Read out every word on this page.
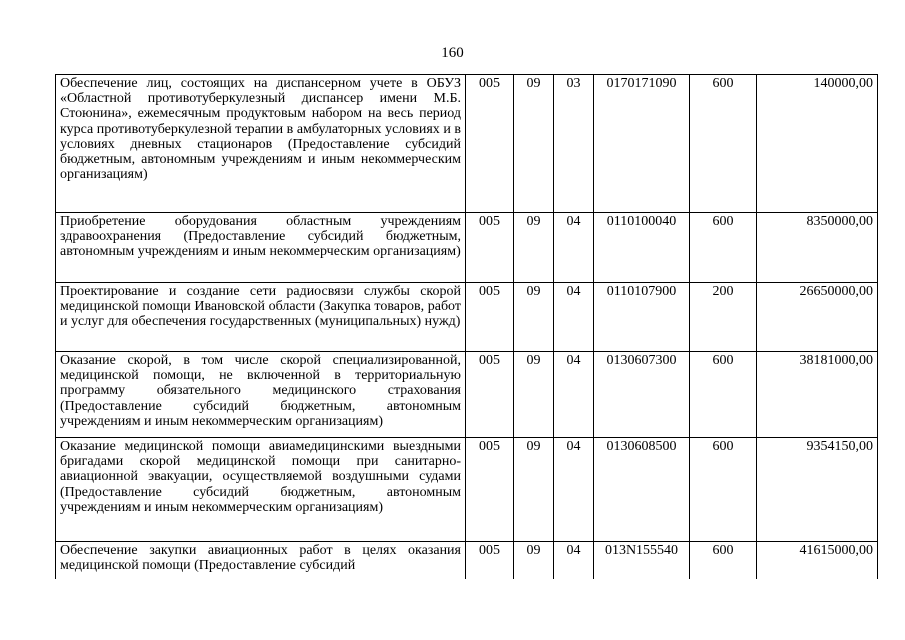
160
Обеспечение лиц, состоящих на диспансерном учете в ОБУЗ «Областной противотуберкулезный диспансер имени М.Б. Стоюнина», ежемесячным продуктовым набором на весь период курса противотуберкулезной терапии в амбулаторных условиях и в условиях дневных стационаров (Предоставление субсидий бюджетным, автономным учреждениям и иным некоммерческим организациям)	005	09	03	0170171090	600	140000,00
Приобретение оборудования областным учреждениям здравоохранения (Предоставление субсидий бюджетным, автономным учреждениям и иным некоммерческим организациям)	005	09	04	0110100040	600	8350000,00
Проектирование и создание сети радиосвязи службы скорой медицинской помощи Ивановской области (Закупка товаров, работ и услуг для обеспечения государственных (муниципальных) нужд)	005	09	04	0110107900	200	26650000,00
Оказание скорой, в том числе скорой специализированной, медицинской помощи, не включенной в территориальную программу обязательного медицинского страхования (Предоставление субсидий бюджетным, автономным учреждениям и иным некоммерческим организациям)	005	09	04	0130607300	600	38181000,00
Оказание медицинской помощи авиамедицинскими выездными бригадами скорой медицинской помощи при санитарно-авиационной эвакуации, осуществляемой воздушными судами (Предоставление субсидий бюджетным, автономным учреждениям и иным некоммерческим организациям)	005	09	04	0130608500	600	9354150,00
Обеспечение закупки авиационных работ в целях оказания медицинской помощи (Предоставление субсидий	005	09	04	013N155540	600	41615000,00
